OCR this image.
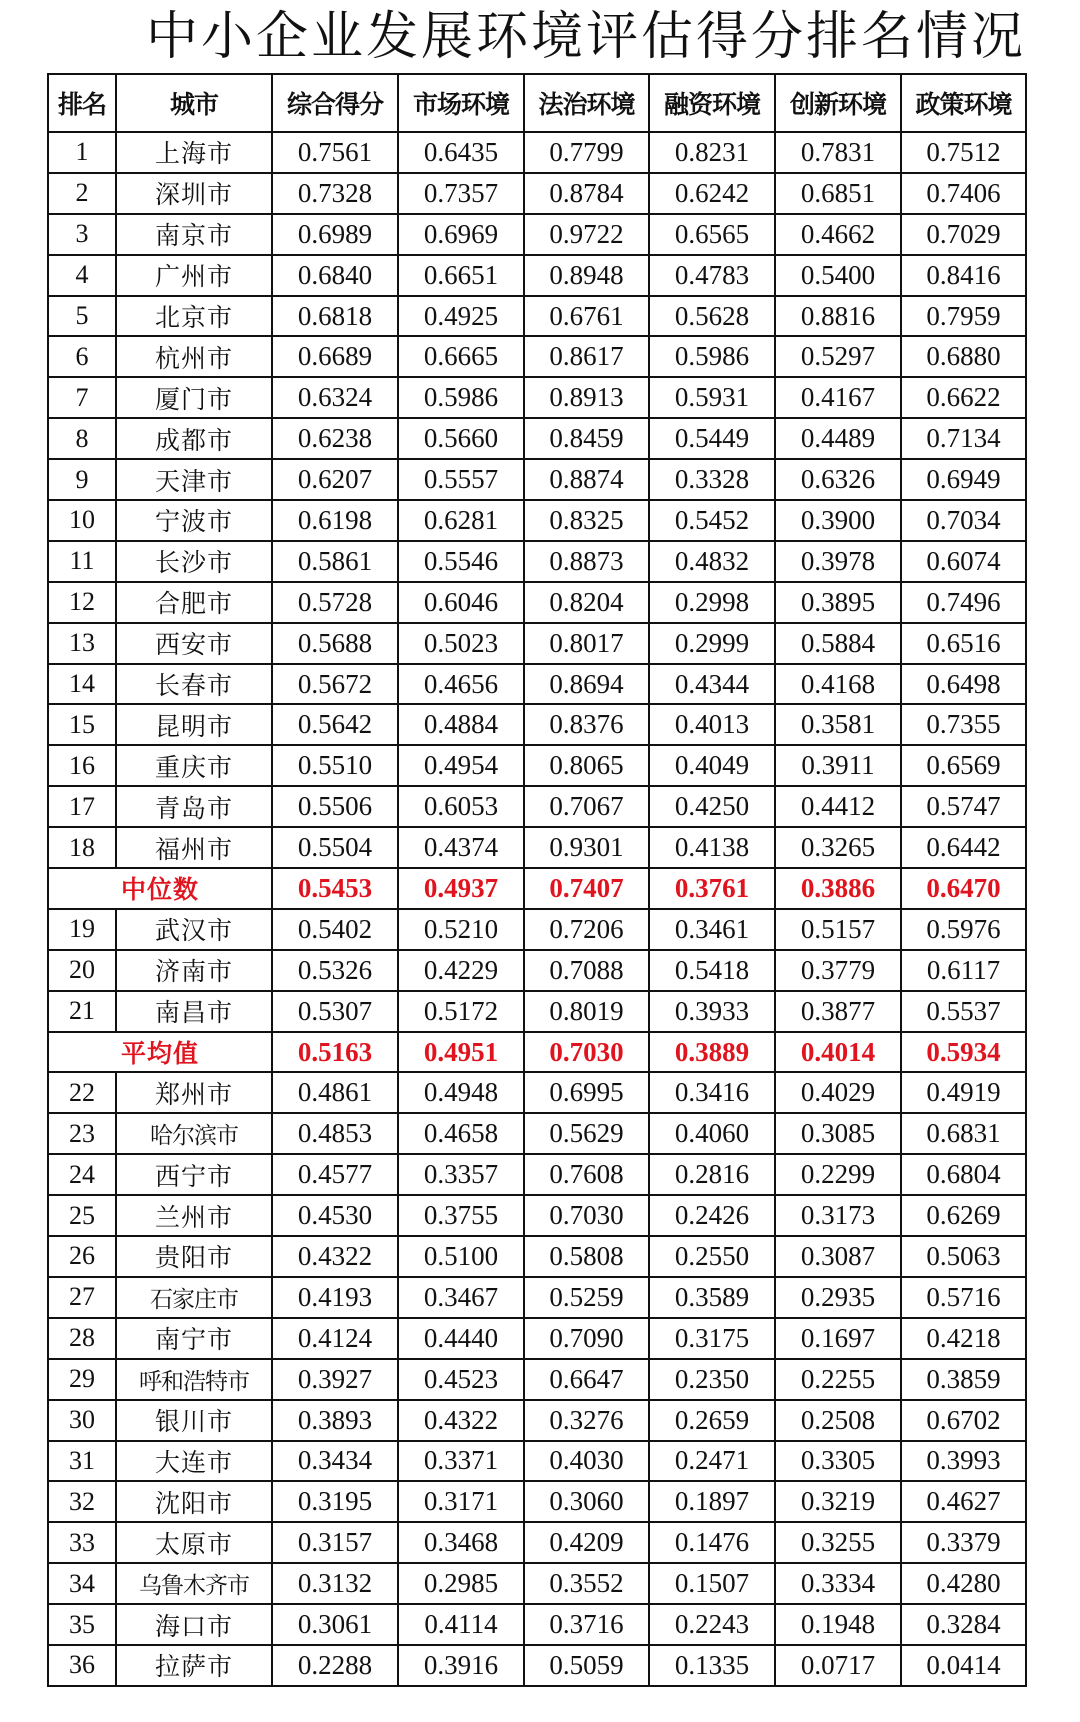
中小企业发展环境评估得分排名情况
排名	城市	综合得分	市场环境	法治环境	融资环境	创新环境	政策环境
1	上海市	0.7561	0.6435	0.7799	0.8231	0.7831	0.7512
2	深圳市	0.7328	0.7357	0.8784	0.6242	0.6851	0.7406
3	南京市	0.6989	0.6969	0.9722	0.6565	0.4662	0.7029
4	广州市	0.6840	0.6651	0.8948	0.4783	0.5400	0.8416
5	北京市	0.6818	0.4925	0.6761	0.5628	0.8816	0.7959
6	杭州市	0.6689	0.6665	0.8617	0.5986	0.5297	0.6880
7	厦门市	0.6324	0.5986	0.8913	0.5931	0.4167	0.6622
8	成都市	0.6238	0.5660	0.8459	0.5449	0.4489	0.7134
9	天津市	0.6207	0.5557	0.8874	0.3328	0.6326	0.6949
10	宁波市	0.6198	0.6281	0.8325	0.5452	0.3900	0.7034
11	长沙市	0.5861	0.5546	0.8873	0.4832	0.3978	0.6074
12	合肥市	0.5728	0.6046	0.8204	0.2998	0.3895	0.7496
13	西安市	0.5688	0.5023	0.8017	0.2999	0.5884	0.6516
14	长春市	0.5672	0.4656	0.8694	0.4344	0.4168	0.6498
15	昆明市	0.5642	0.4884	0.8376	0.4013	0.3581	0.7355
16	重庆市	0.5510	0.4954	0.8065	0.4049	0.3911	0.6569
17	青岛市	0.5506	0.6053	0.7067	0.4250	0.4412	0.5747
18	福州市	0.5504	0.4374	0.9301	0.4138	0.3265	0.6442
中位数		0.5453	0.4937	0.7407	0.3761	0.3886	0.6470
19	武汉市	0.5402	0.5210	0.7206	0.3461	0.5157	0.5976
20	济南市	0.5326	0.4229	0.7088	0.5418	0.3779	0.6117
21	南昌市	0.5307	0.5172	0.8019	0.3933	0.3877	0.5537
平均值		0.5163	0.4951	0.7030	0.3889	0.4014	0.5934
22	郑州市	0.4861	0.4948	0.6995	0.3416	0.4029	0.4919
23	哈尔滨市	0.4853	0.4658	0.5629	0.4060	0.3085	0.6831
24	西宁市	0.4577	0.3357	0.7608	0.2816	0.2299	0.6804
25	兰州市	0.4530	0.3755	0.7030	0.2426	0.3173	0.6269
26	贵阳市	0.4322	0.5100	0.5808	0.2550	0.3087	0.5063
27	石家庄市	0.4193	0.3467	0.5259	0.3589	0.2935	0.5716
28	南宁市	0.4124	0.4440	0.7090	0.3175	0.1697	0.4218
29	呼和浩特市	0.3927	0.4523	0.6647	0.2350	0.2255	0.3859
30	银川市	0.3893	0.4322	0.3276	0.2659	0.2508	0.6702
31	大连市	0.3434	0.3371	0.4030	0.2471	0.3305	0.3993
32	沈阳市	0.3195	0.3171	0.3060	0.1897	0.3219	0.4627
33	太原市	0.3157	0.3468	0.4209	0.1476	0.3255	0.3379
34	乌鲁木齐市	0.3132	0.2985	0.3552	0.1507	0.3334	0.4280
35	海口市	0.3061	0.4114	0.3716	0.2243	0.1948	0.3284
36	拉萨市	0.2288	0.3916	0.5059	0.1335	0.0717	0.0414
